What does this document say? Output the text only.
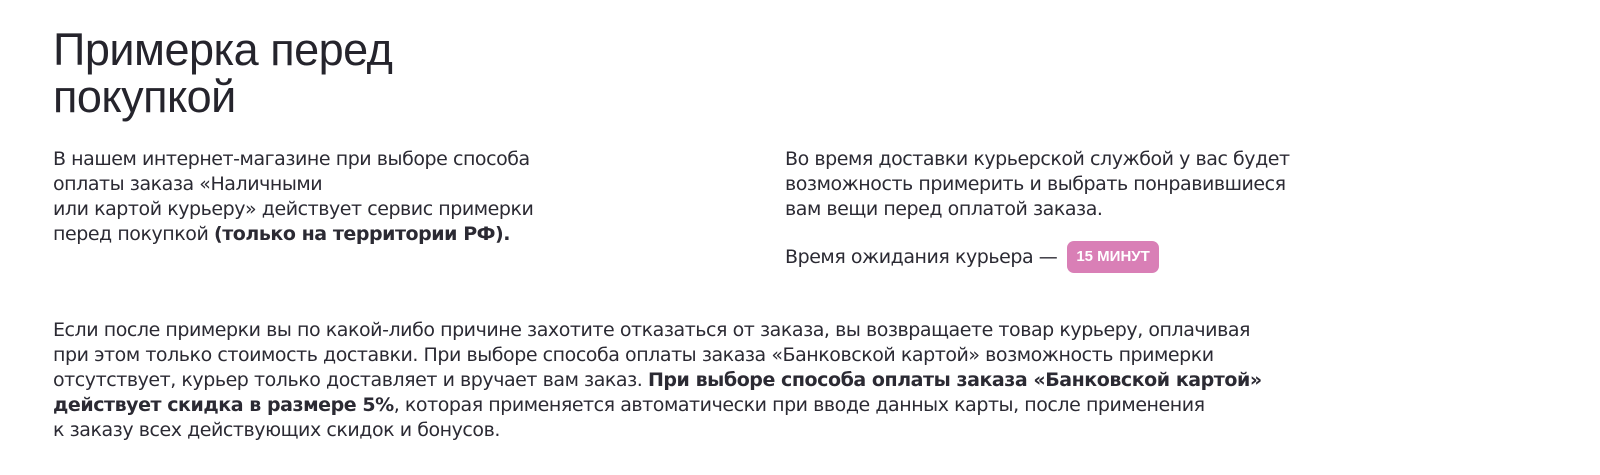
Примерка перед
покупкой

В нашем интернет-магазине при выборе способа
оплаты заказа «Наличными
или картой курьеру» действует сервис примерки
перед покупкой (только на территории РФ).

Во время доставки курьерской службой у вас будет
возможность примерить и выбрать понравившиеся
вам вещи перед оплатой заказа.

Время ожидания курьера —	15 МИНУТ

Если после примерки вы по какой-либо причине захотите отказаться от заказа, вы возвращаете товар курьеру, оплачивая
при этом только стоимость доставки. При выборе способа оплаты заказа «Банковской картой» возможность примерки
отсутствует, курьер только доставляет и вручает вам заказ. При выборе способа оплаты заказа «Банковской картой»
действует скидка в размере 5%, которая применяется автоматически при вводе данных карты, после применения
к заказу всех действующих скидок и бонусов.
